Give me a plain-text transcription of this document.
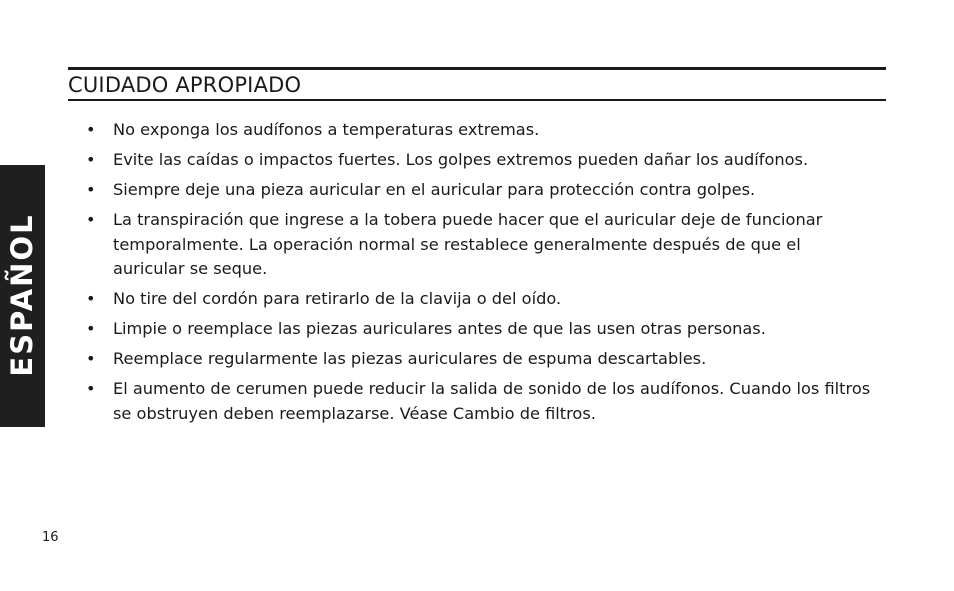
ESPAÑOL
CUIDADO APROPIADO
• No exponga los audífonos a temperaturas extremas.
• Evite las caídas o impactos fuertes. Los golpes extremos pueden dañar los audífonos.
• Siempre deje una pieza auricular en el auricular para protección contra golpes.
• La transpiración que ingrese a la tobera puede hacer que el auricular deje de funcionar temporalmente. La operación normal se restablece generalmente después de que el auricular se seque.
• No tire del cordón para retirarlo de la clavija o del oído.
• Limpie o reemplace las piezas auriculares antes de que las usen otras personas.
• Reemplace regularmente las piezas auriculares de espuma descartables.
• El aumento de cerumen puede reducir la salida de sonido de los audífonos. Cuando los filtros se obstruyen deben reemplazarse. Véase Cambio de filtros.
16
